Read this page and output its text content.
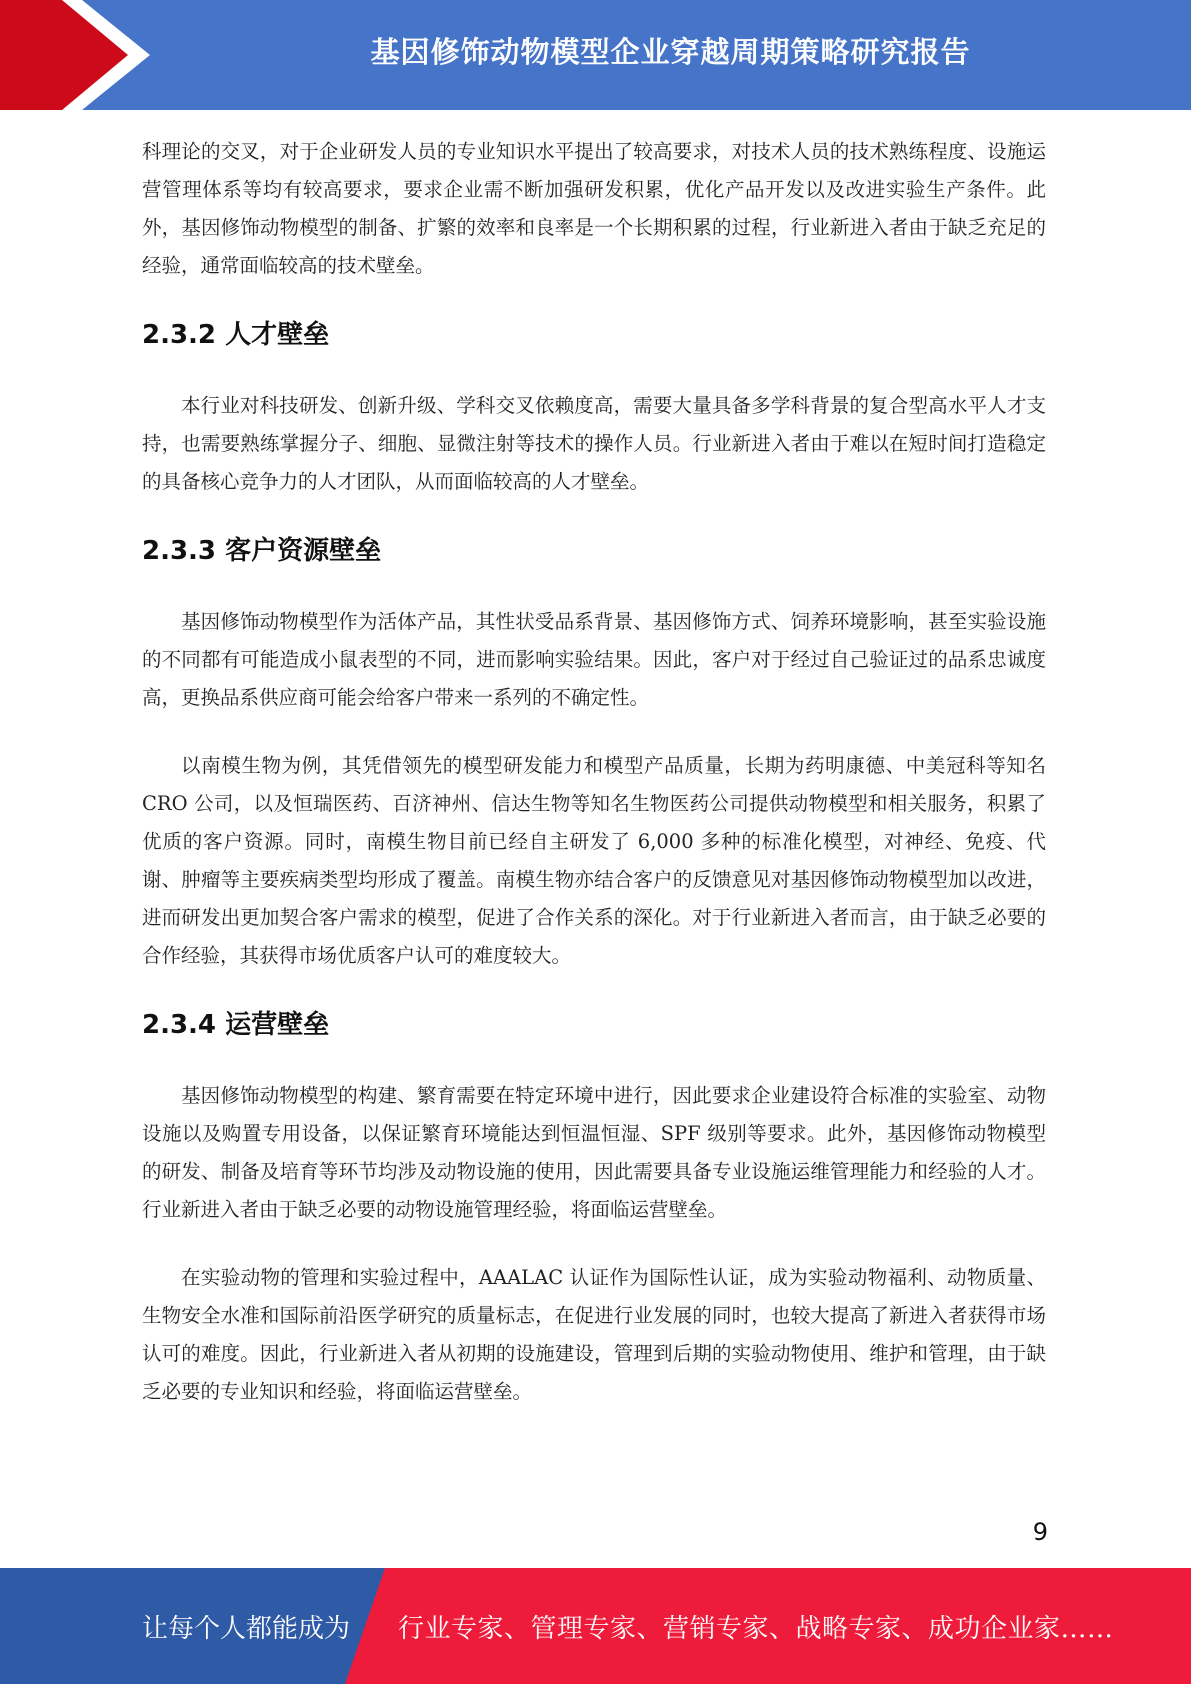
基因修饰动物模型企业穿越周期策略研究报告

科理论的交叉，对于企业研发人员的专业知识水平提出了较高要求，对技术人员的技术熟练程度、设施运营管理体系等均有较高要求，要求企业需不断加强研发积累，优化产品开发以及改进实验生产条件。此外，基因修饰动物模型的制备、扩繁的效率和良率是一个长期积累的过程，行业新进入者由于缺乏充足的经验，通常面临较高的技术壁垒。

2.3.2 人才壁垒

本行业对科技研发、创新升级、学科交叉依赖度高，需要大量具备多学科背景的复合型高水平人才支持，也需要熟练掌握分子、细胞、显微注射等技术的操作人员。行业新进入者由于难以在短时间打造稳定的具备核心竞争力的人才团队，从而面临较高的人才壁垒。

2.3.3 客户资源壁垒

基因修饰动物模型作为活体产品，其性状受品系背景、基因修饰方式、饲养环境影响，甚至实验设施的不同都有可能造成小鼠表型的不同，进而影响实验结果。因此，客户对于经过自己验证过的品系忠诚度高，更换品系供应商可能会给客户带来一系列的不确定性。

以南模生物为例，其凭借领先的模型研发能力和模型产品质量，长期为药明康德、中美冠科等知名 CRO 公司，以及恒瑞医药、百济神州、信达生物等知名生物医药公司提供动物模型和相关服务，积累了优质的客户资源。同时，南模生物目前已经自主研发了 6,000 多种的标准化模型，对神经、免疫、代谢、肿瘤等主要疾病类型均形成了覆盖。南模生物亦结合客户的反馈意见对基因修饰动物模型加以改进，进而研发出更加契合客户需求的模型，促进了合作关系的深化。对于行业新进入者而言，由于缺乏必要的合作经验，其获得市场优质客户认可的难度较大。

2.3.4 运营壁垒

基因修饰动物模型的构建、繁育需要在特定环境中进行，因此要求企业建设符合标准的实验室、动物设施以及购置专用设备，以保证繁育环境能达到恒温恒湿、SPF 级别等要求。此外，基因修饰动物模型的研发、制备及培育等环节均涉及动物设施的使用，因此需要具备专业设施运维管理能力和经验的人才。行业新进入者由于缺乏必要的动物设施管理经验，将面临运营壁垒。

在实验动物的管理和实验过程中，AAALAC 认证作为国际性认证，成为实验动物福利、动物质量、生物安全水准和国际前沿医学研究的质量标志，在促进行业发展的同时，也较大提高了新进入者获得市场认可的难度。因此，行业新进入者从初期的设施建设，管理到后期的实验动物使用、维护和管理，由于缺乏必要的专业知识和经验，将面临运营壁垒。

9
让每个人都能成为 行业专家、管理专家、营销专家、战略专家、成功企业家……
